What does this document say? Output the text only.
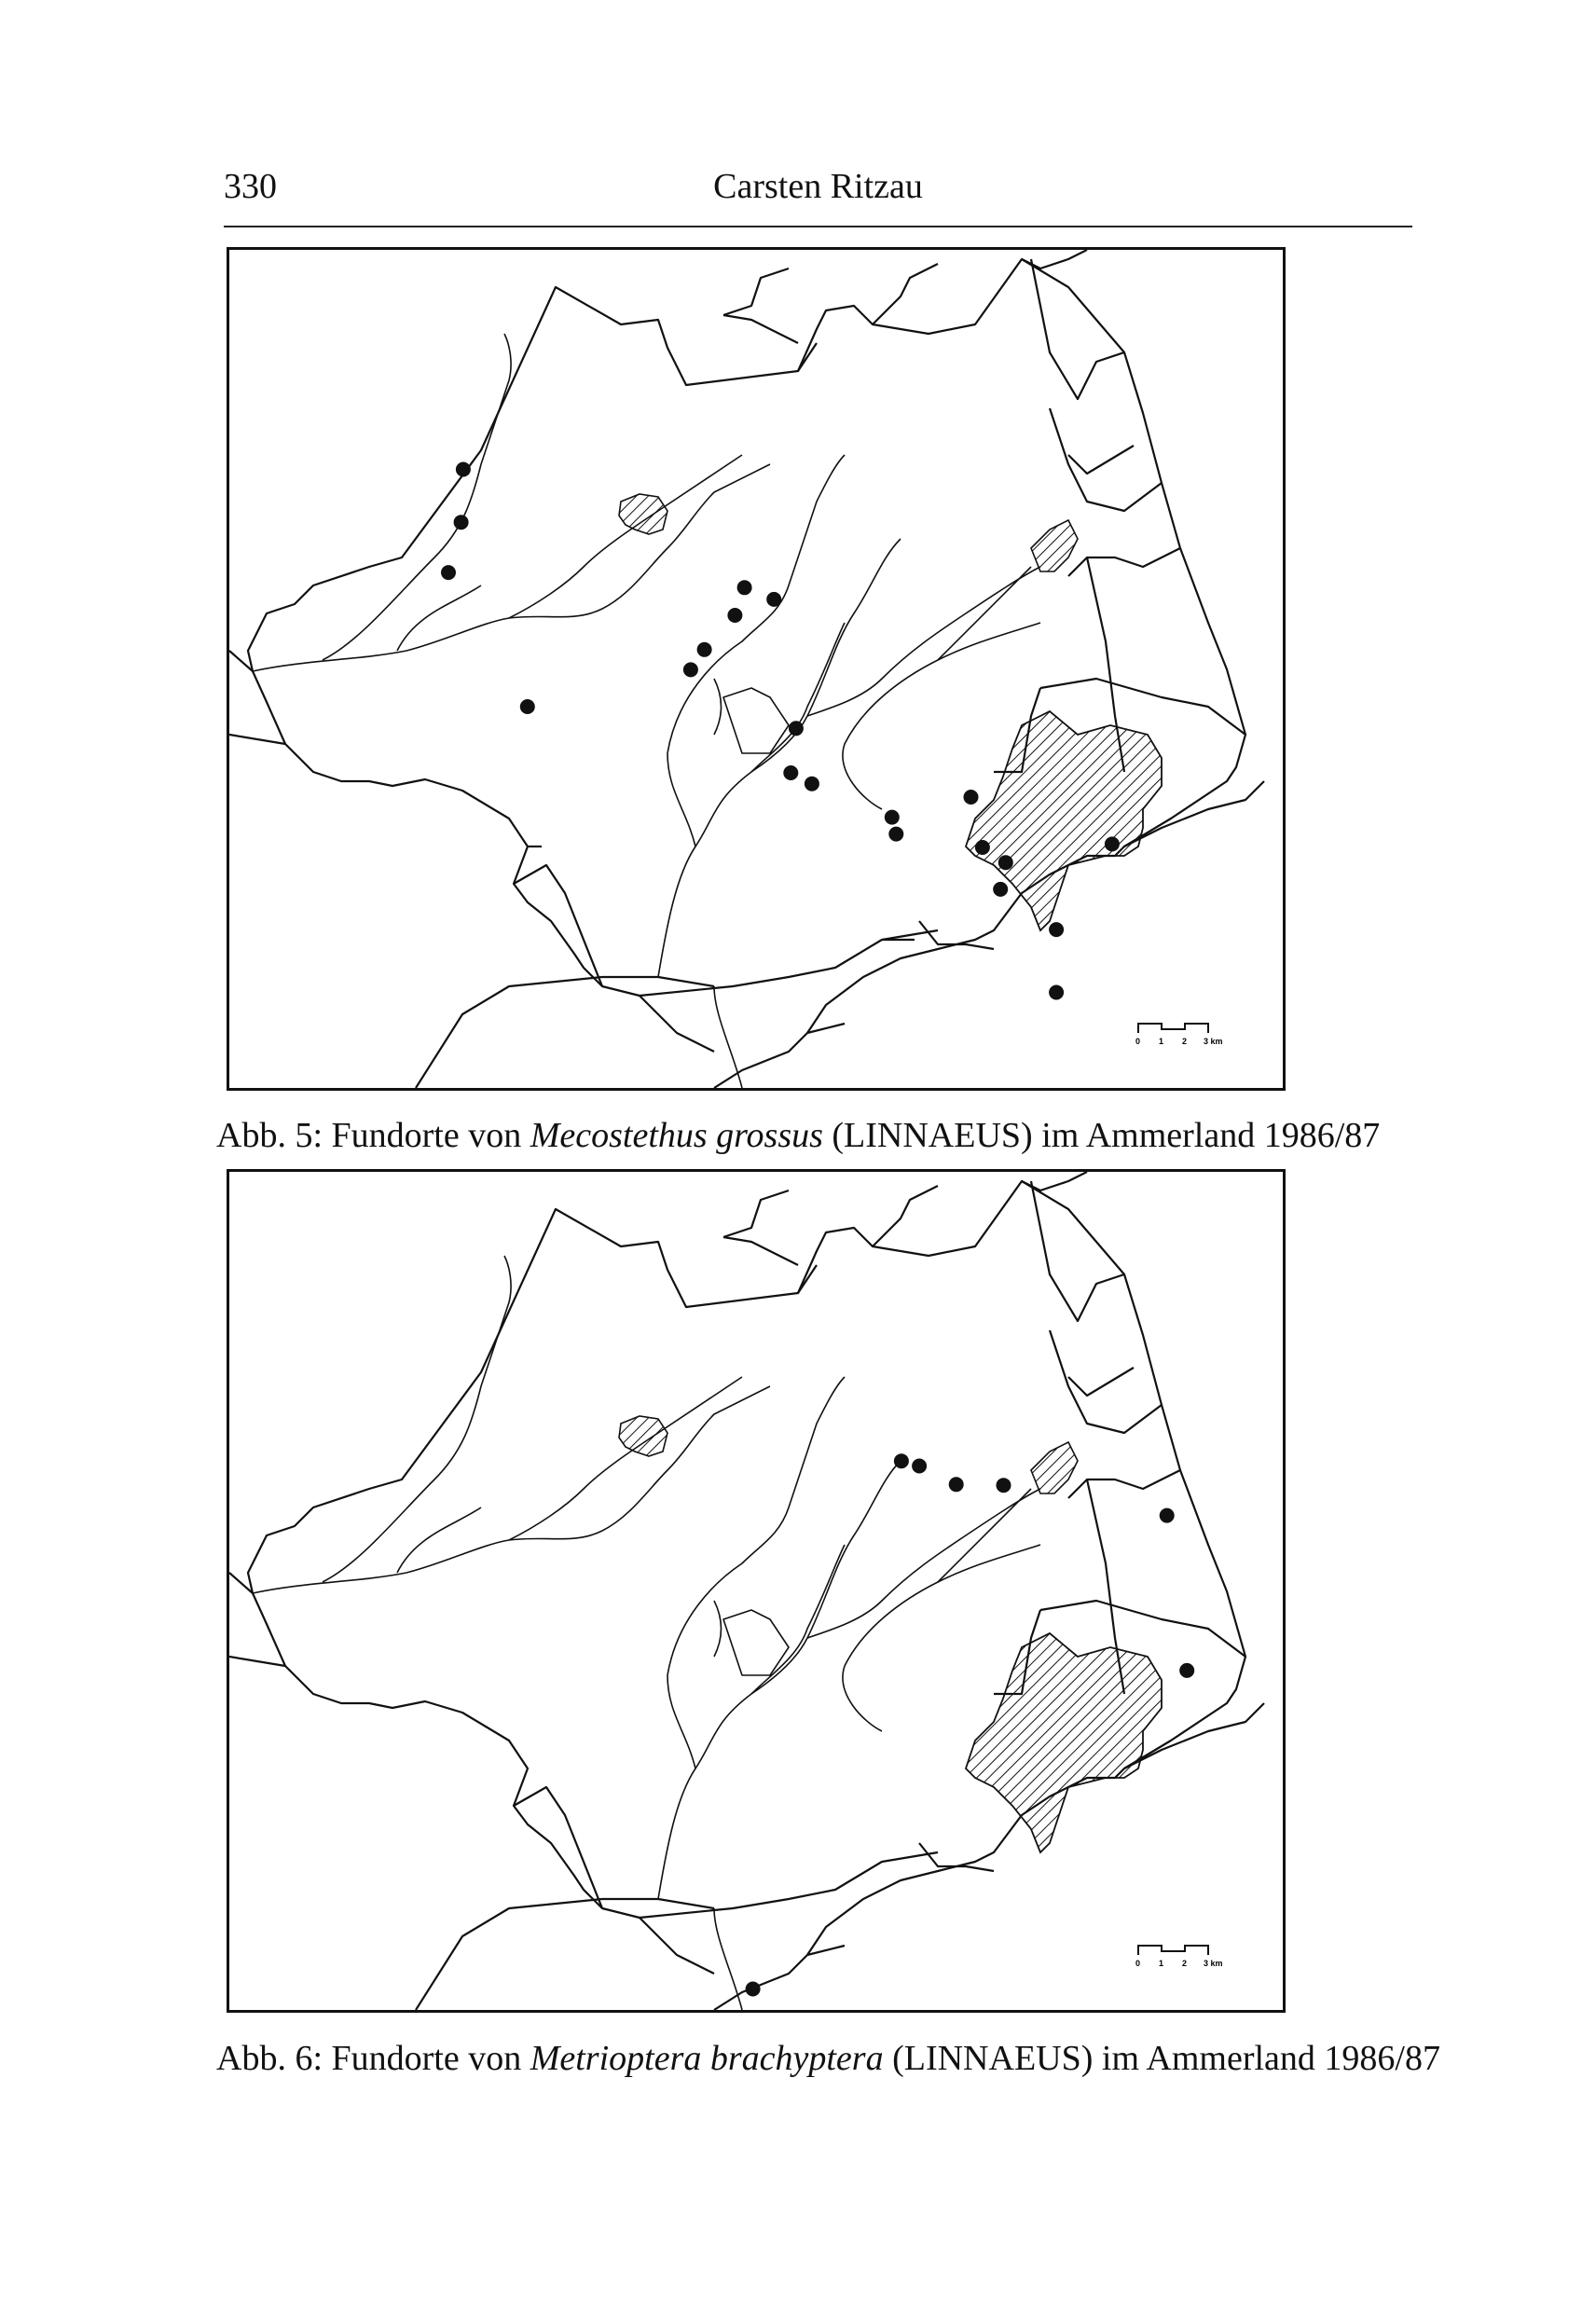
330	Carsten Ritzau
0 1 2 3 km
Abb. 5: Fundorte von Mecostethus grossus (LINNAEUS) im Ammerland 1986/87
0 1 2 3 km
Abb. 6: Fundorte von Metrioptera brachyptera (LINNAEUS) im Ammerland 1986/87
